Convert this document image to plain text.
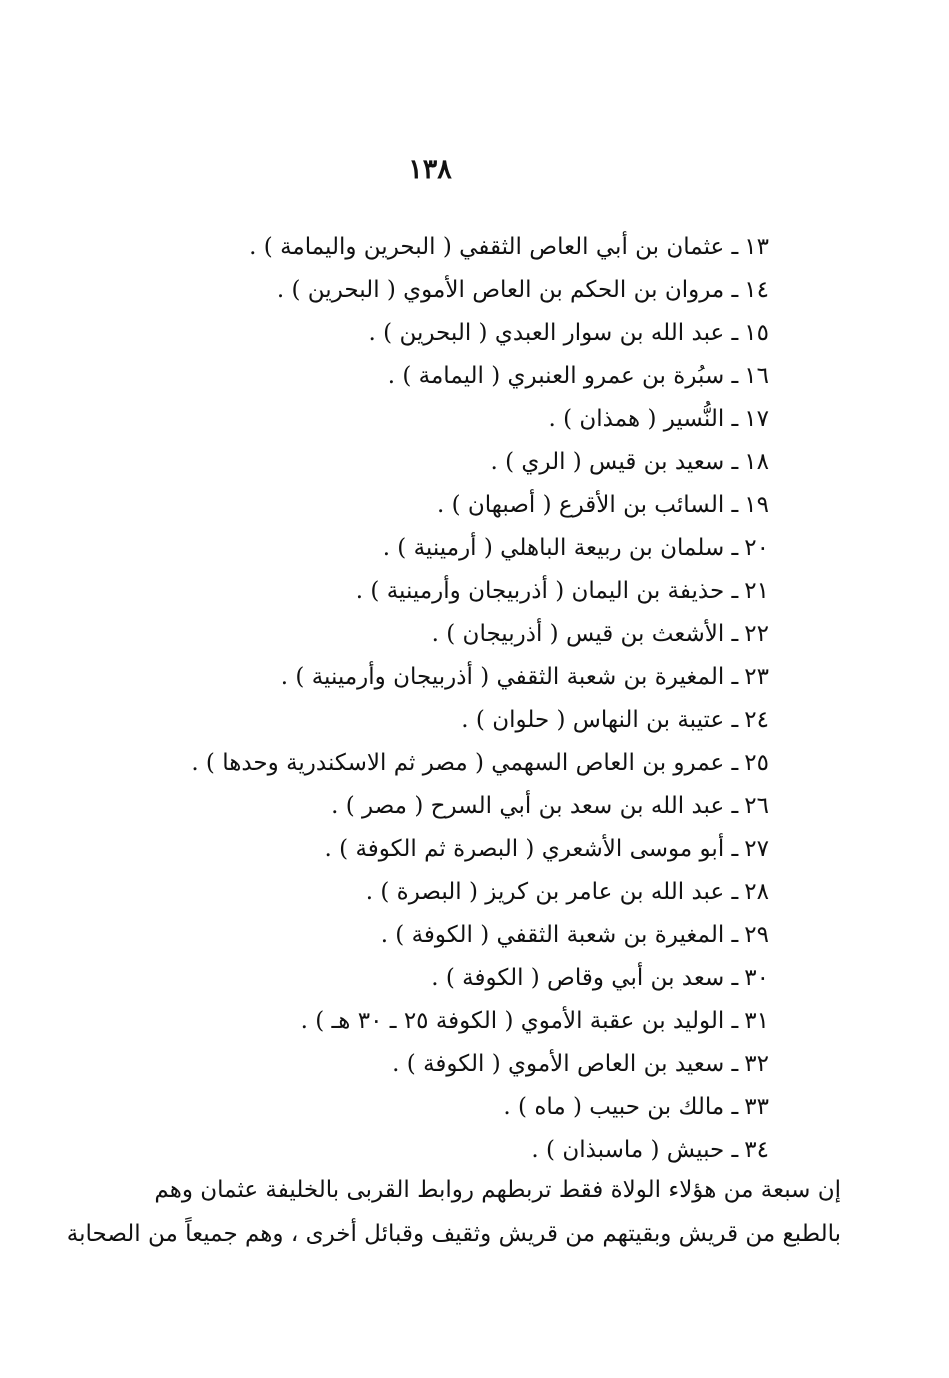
١٣٨
١٣ـ عثمان بن أبي العاص الثقفي ( البحرين واليمامة ) .
١٤ـ مروان بن الحكم بن العاص الأموي ( البحرين ) .
١٥ـ عبد الله بن سوار العبدي ( البحرين ) .
١٦ـ سبُرة بن عمرو العنبري ( اليمامة ) .
١٧ـ النُّسير ( همذان ) .
١٨ـ سعيد بن قيس ( الري ) .
١٩ـ السائب بن الأقرع ( أصبهان ) .
٢٠ـ سلمان بن ربيعة الباهلي ( أرمينية ) .
٢١ـ حذيفة بن اليمان ( أذربيجان وأرمينية ) .
٢٢ـ الأشعث بن قيس ( أذربيجان ) .
٢٣ـ المغيرة بن شعبة الثقفي ( أذربيجان وأرمينية ) .
٢٤ـ عتيبة بن النهاس ( حلوان ) .
٢٥ـ عمرو بن العاص السهمي ( مصر ثم الاسكندرية وحدها ) .
٢٦ـ عبد الله بن سعد بن أبي السرح ( مصر ) .
٢٧ـ أبو موسى الأشعري ( البصرة ثم الكوفة ) .
٢٨ـ عبد الله بن عامر بن كريز ( البصرة ) .
٢٩ـ المغيرة بن شعبة الثقفي ( الكوفة ) .
٣٠ـ سعد بن أبي وقاص ( الكوفة ) .
٣١ـ الوليد بن عقبة الأموي ( الكوفة ٢٥ ـ ٣٠ هـ ) .
٣٢ـ سعيد بن العاص الأموي ( الكوفة ) .
٣٣ـ مالك بن حبيب ( ماه ) .
٣٤ـ حبيش ( ماسبذان ) .

إن سبعة من هؤلاء الولاة فقط تربطهم روابط القربى بالخليفة عثمان وهم
بالطبع من قريش وبقيتهم من قريش وثقيف وقبائل أخرى ، وهم جميعاً من الصحابة
